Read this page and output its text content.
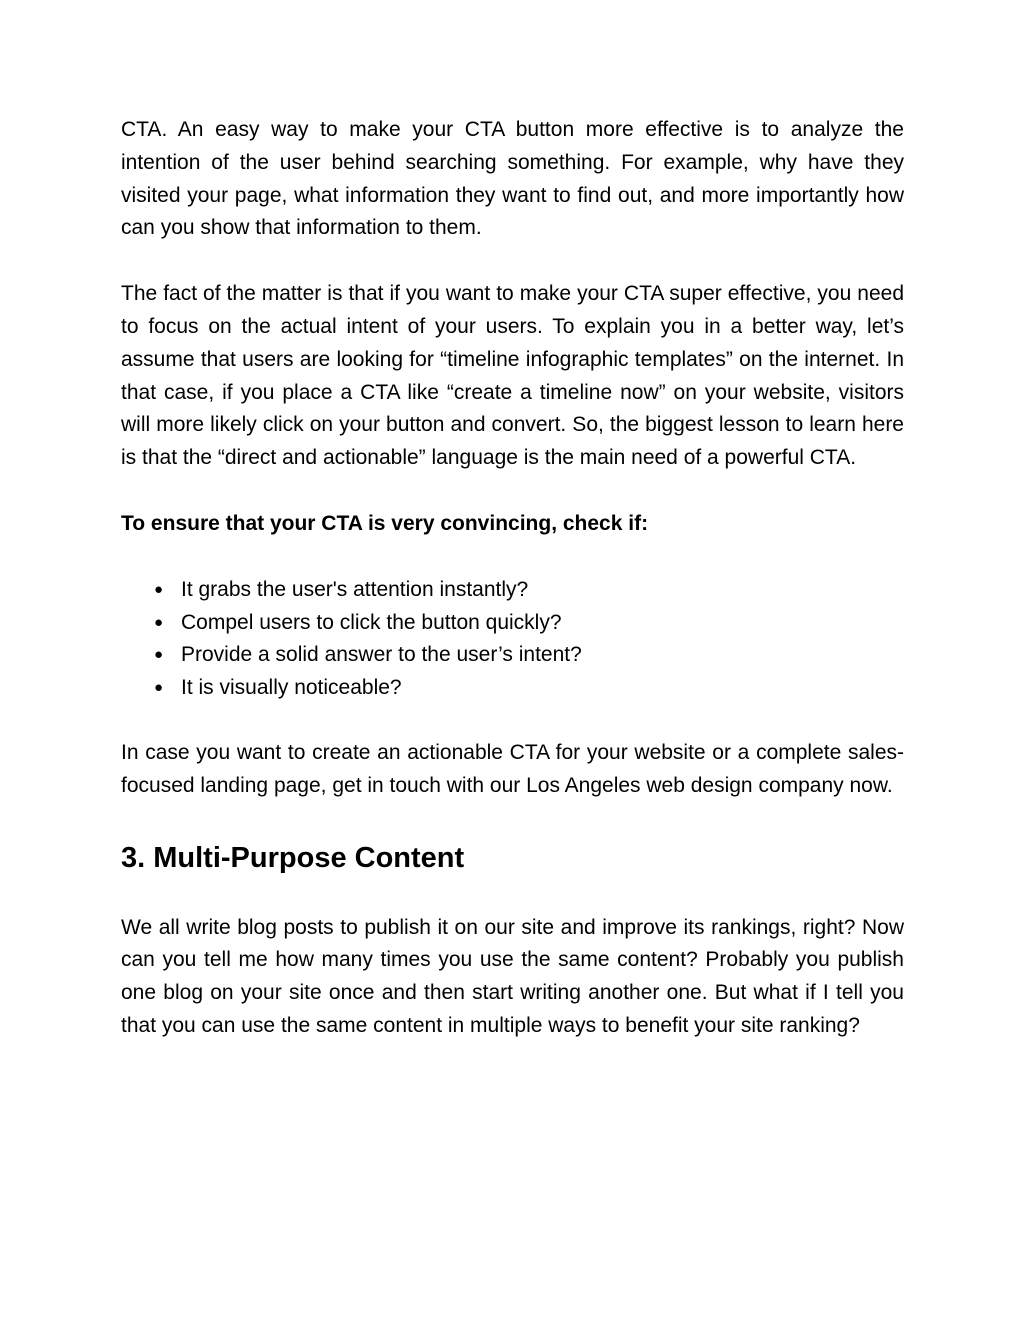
CTA. An easy way to make your CTA button more effective is to analyze the intention of the user behind searching something. For example, why have they visited your page, what information they want to find out, and more importantly how can you show that information to them.

The fact of the matter is that if you want to make your CTA super effective, you need to focus on the actual intent of your users. To explain you in a better way, let’s assume that users are looking for “timeline infographic templates” on the internet. In that case, if you place a CTA like “create a timeline now” on your website, visitors will more likely click on your button and convert. So, the biggest lesson to learn here is that the “direct and actionable” language is the main need of a powerful CTA.

To ensure that your CTA is very convincing, check if:

● It grabs the user's attention instantly?
● Compel users to click the button quickly?
● Provide a solid answer to the user’s intent?
● It is visually noticeable?

In case you want to create an actionable CTA for your website or a complete sales-focused landing page, get in touch with our Los Angeles web design company now.

3. Multi-Purpose Content

We all write blog posts to publish it on our site and improve its rankings, right? Now can you tell me how many times you use the same content? Probably you publish one blog on your site once and then start writing another one. But what if I tell you that you can use the same content in multiple ways to benefit your site ranking?
